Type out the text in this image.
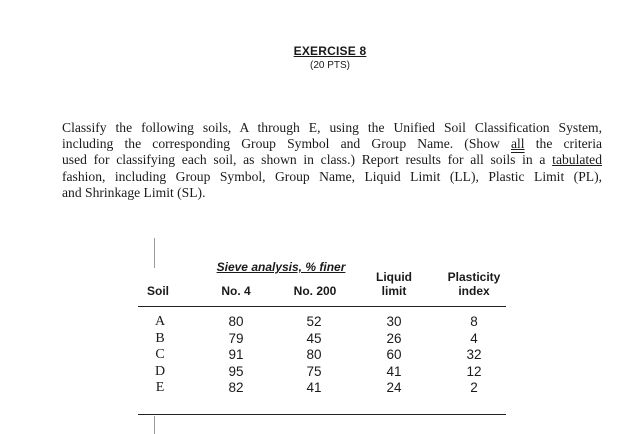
EXERCISE 8
(20 PTS)
Classify the following soils, A through E, using the Unified Soil Classification System,
including the corresponding Group Symbol and Group Name. (Show all the criteria
used for classifying each soil, as shown in class.) Report results for all soils in a tabulated
fashion, including Group Symbol, Group Name, Liquid Limit (LL), Plastic Limit (PL),
and Shrinkage Limit (SL).
Sieve analysis, % finer
Soil	No. 4	No. 200
Liquid
limit
Plasticity
index
A
B
C
D
E
80
79
91
95
82
52
45
80
75
41
30
26
60
41
24
8
4
32
12
2
